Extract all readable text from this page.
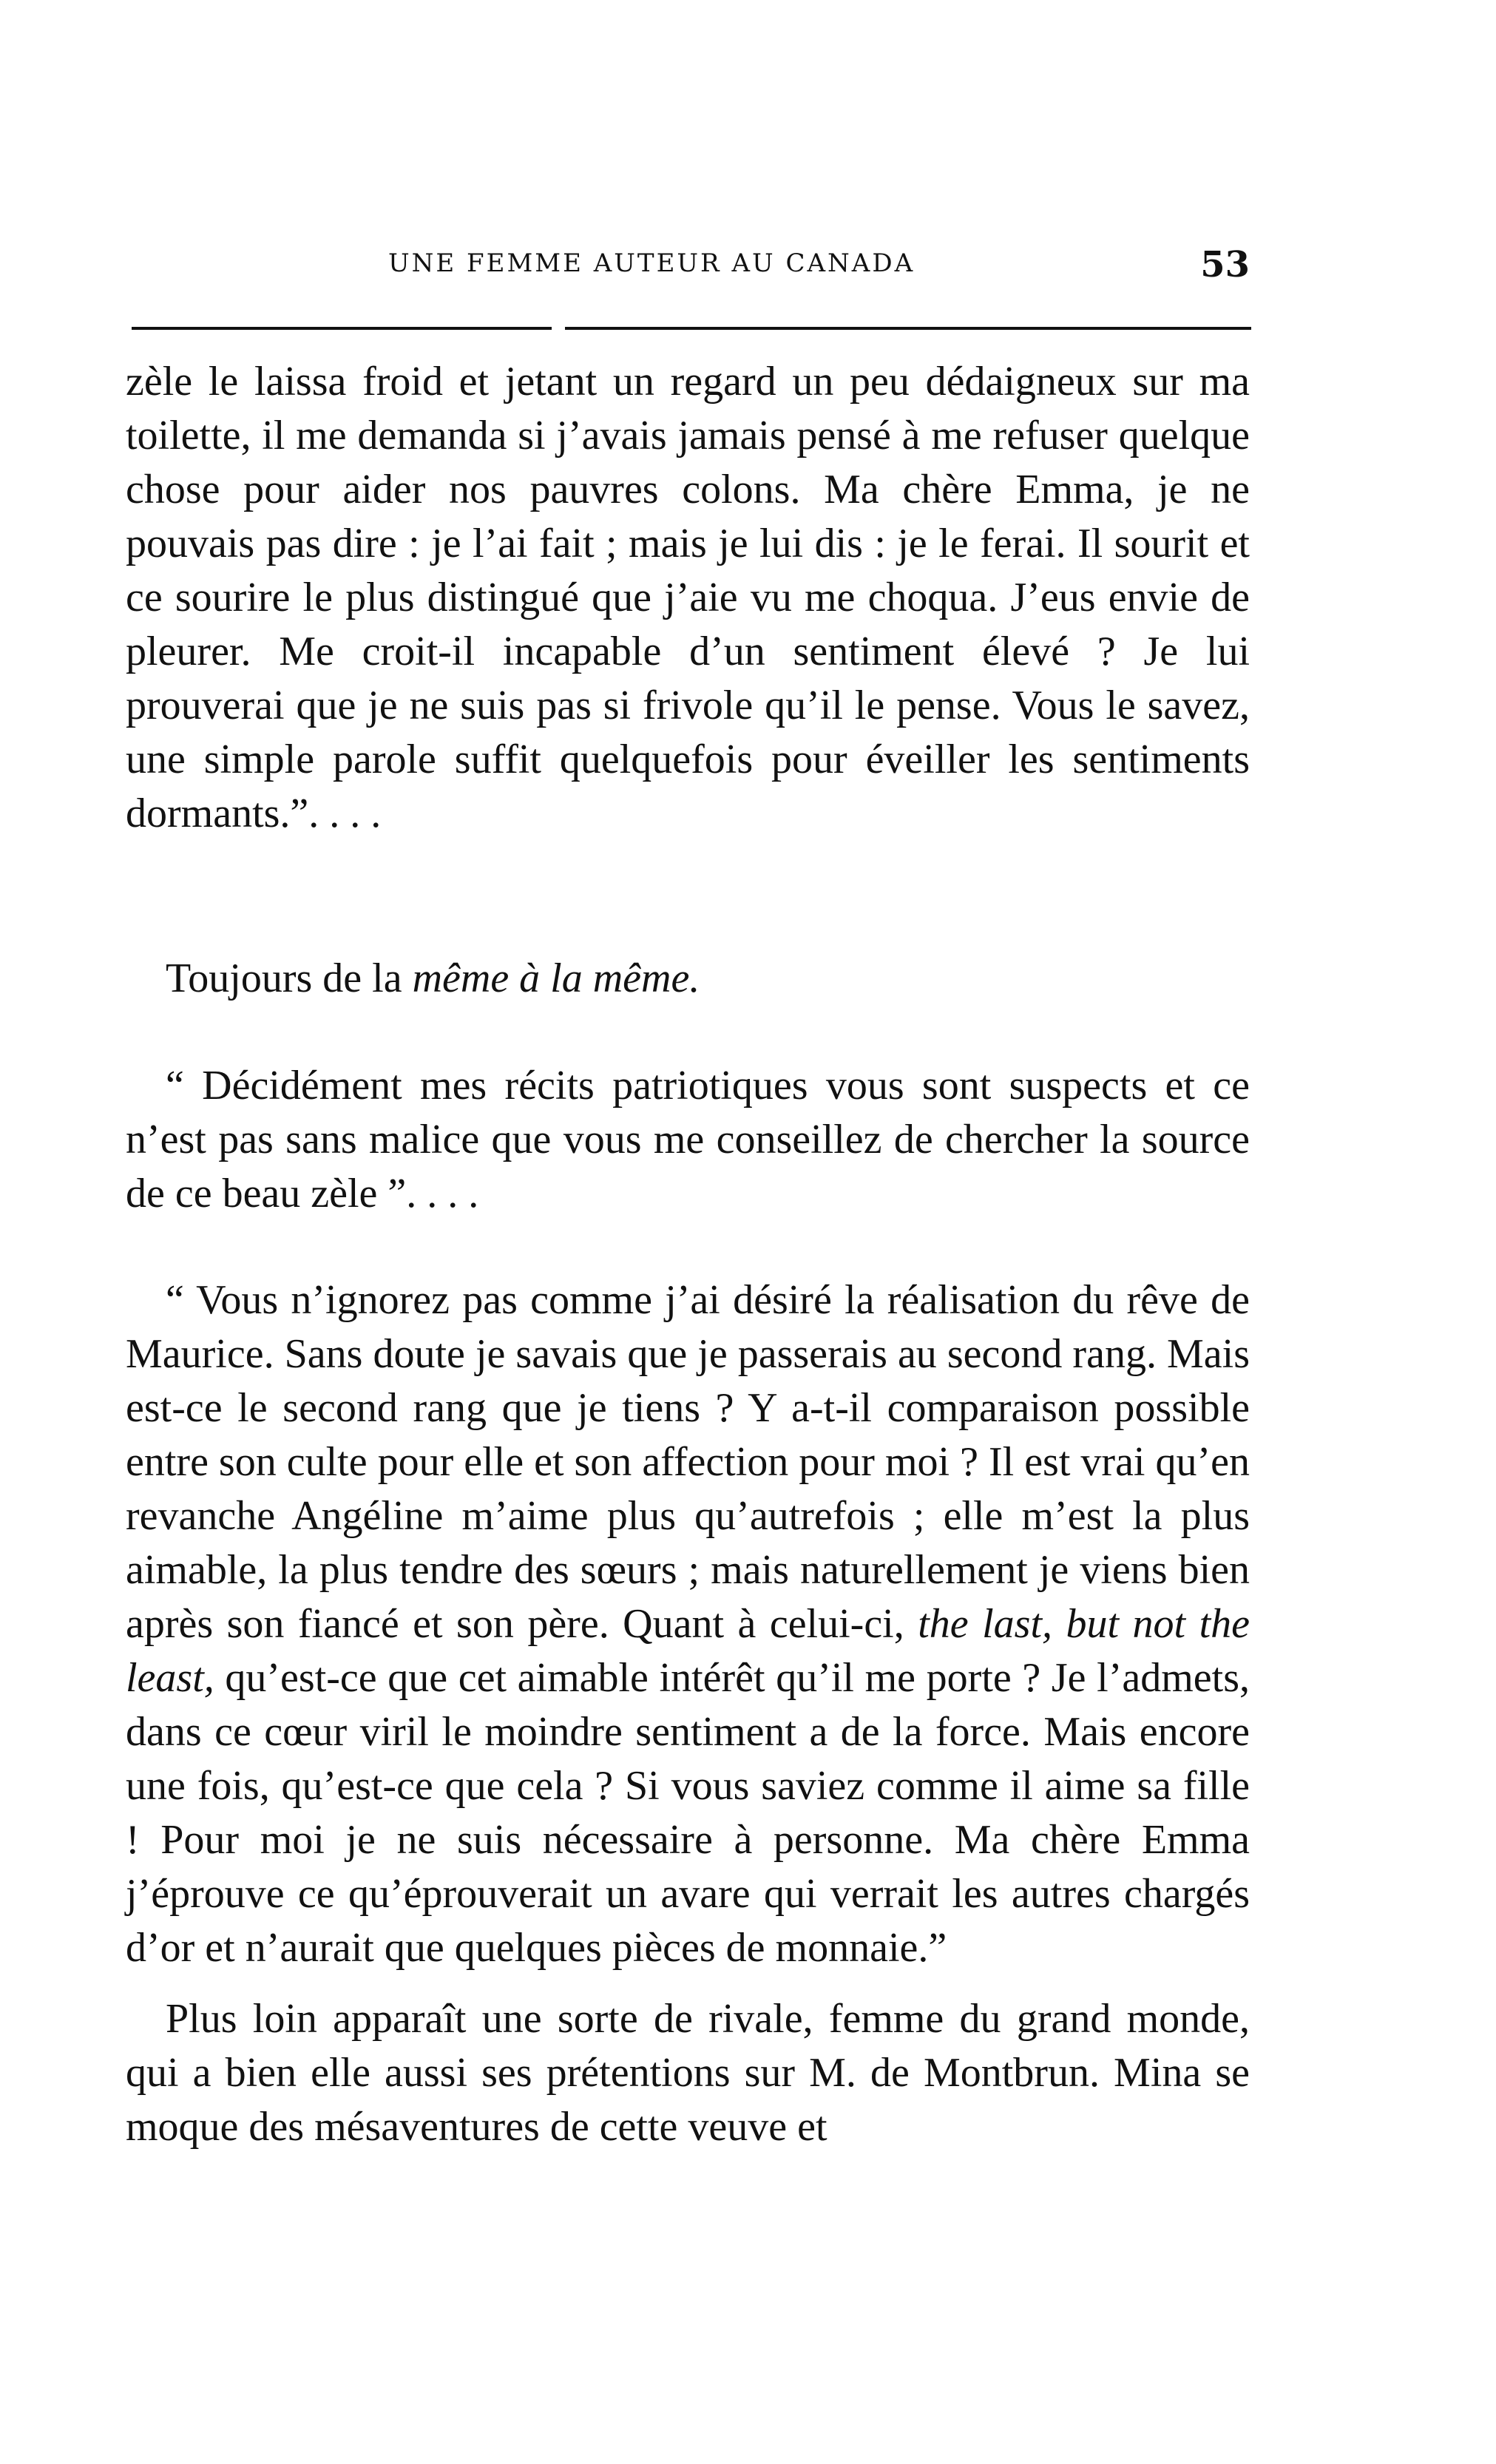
UNE FEMME AUTEUR AU CANADA	53

zèle le laissa froid et jetant un regard un peu dédaigneux sur ma toilette, il me demanda si j’avais jamais pensé à me refuser quelque chose pour aider nos pauvres colons. Ma chère Emma, je ne pouvais pas dire : je l’ai fait ; mais je lui dis : je le ferai. Il sourit et ce sourire le plus distingué que j’aie vu me choqua. J’eus envie de pleurer. Me croit-il incapable d’un sentiment élevé ? Je lui prouverai que je ne suis pas si frivole qu’il le pense. Vous le savez, une simple parole suffit quelquefois pour éveiller les sentiments dormants.”. . . .

Toujours de la même à la même.

“ Décidément mes récits patriotiques vous sont suspects et ce n’est pas sans malice que vous me conseillez de chercher la source de ce beau zèle ”. . . .

“ Vous n’ignorez pas comme j’ai désiré la réalisation du rêve de Maurice. Sans doute je savais que je passerais au second rang. Mais est-ce le second rang que je tiens ? Y a-t-il comparaison possible entre son culte pour elle et son affection pour moi ? Il est vrai qu’en revanche Angéline m’aime plus qu’autrefois ; elle m’est la plus aimable, la plus tendre des sœurs ; mais naturellement je viens bien après son fiancé et son père. Quant à celui-ci, the last, but not the least, qu’est-ce que cet aimable intérêt qu’il me porte ? Je l’admets, dans ce cœur viril le moindre sentiment a de la force. Mais encore une fois, qu’est-ce que cela ? Si vous saviez comme il aime sa fille ! Pour moi je ne suis nécessaire à personne. Ma chère Emma j’éprouve ce qu’éprouverait un avare qui verrait les autres chargés d’or et n’aurait que quelques pièces de monnaie.”

Plus loin apparaît une sorte de rivale, femme du grand monde, qui a bien elle aussi ses prétentions sur M. de Montbrun. Mina se moque des mésaventures de cette veuve et
